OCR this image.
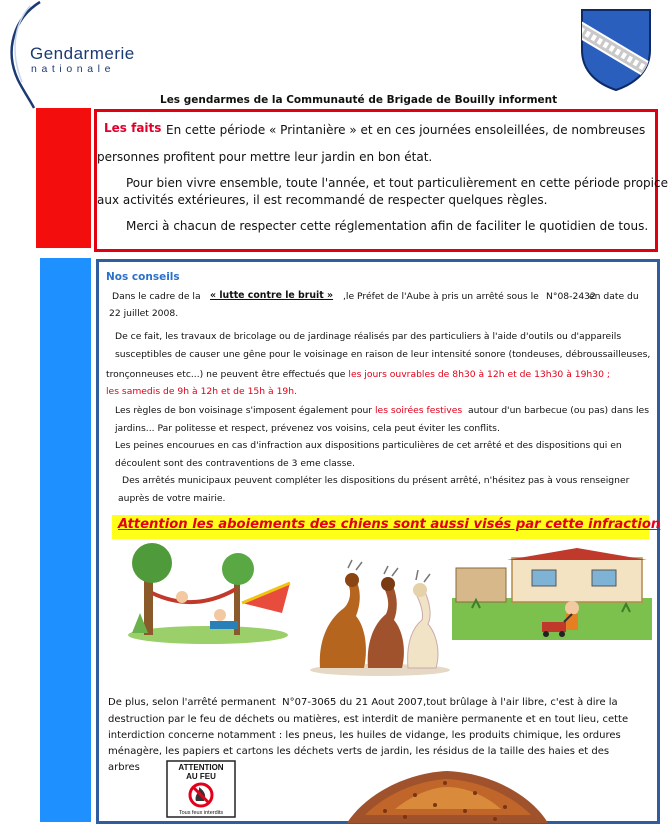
Gendarmerie
nationale
Les gendarmes de la Communauté de Brigade de Bouilly informent
Les faits En cette période « Printanière » et en ces journées ensoleillées, de nombreuses
personnes profitent pour mettre leur jardin en bon état.
Pour bien vivre ensemble, toute l'année, et tout particulièrement en cette période propice
aux activités extérieures, il est recommandé de respecter quelques règles.
Merci à chacun de respecter cette réglementation afin de faciliter le quotidien de tous.
Nos conseils
Dans le cadre de la « lutte contre le bruit » ,le Préfet de l'Aube à pris un arrêté sous le N°08-2432
en date du
22 juillet 2008.
De ce fait, les travaux de bricolage ou de jardinage réalisés par des particuliers à l'aide d'outils ou d'appareils
susceptibles de causer une gêne pour le voisinage en raison de leur intensité sonore (tondeuses, débroussailleuses,
tronçonneuses etc...) ne peuvent être effectués que les jours ouvrables de 8h30 à 12h et de 13h30 à 19h30 ;
les samedis de 9h à 12h et de 15h à 19h.
Les règles de bon voisinage s'imposent également pour les soirées festives autour d'un barbecue (ou pas) dans les
jardins... Par politesse et respect, prévenez vos voisins, cela peut éviter les conflits.
Les peines encourues en cas d'infraction aux dispositions particulières de cet arrêté et des dispositions qui en
découlent sont des contraventions de 3 eme classe.
Des arrêtés municipaux peuvent compléter les dispositions du présent arrêté, n'hésitez pas à vous renseigner
auprès de votre mairie.
Attention les aboiements des chiens sont aussi visés par cette infraction
De plus, selon l'arrêté permanent N°07-3065 du 21 Aout 2007,tout brûlage à l'air libre, c'est à dire la
destruction par le feu de déchets ou matières, est interdit de manière permanente et en tout lieu, cette
interdiction concerne notamment : les pneus, les huiles de vidange, les produits chimique, les ordures
ménagère, les papiers et cartons les déchets verts de jardin, les résidus de la taille des haies et des
arbres	ATTENTION
AU FEU
Tous feux interdits
